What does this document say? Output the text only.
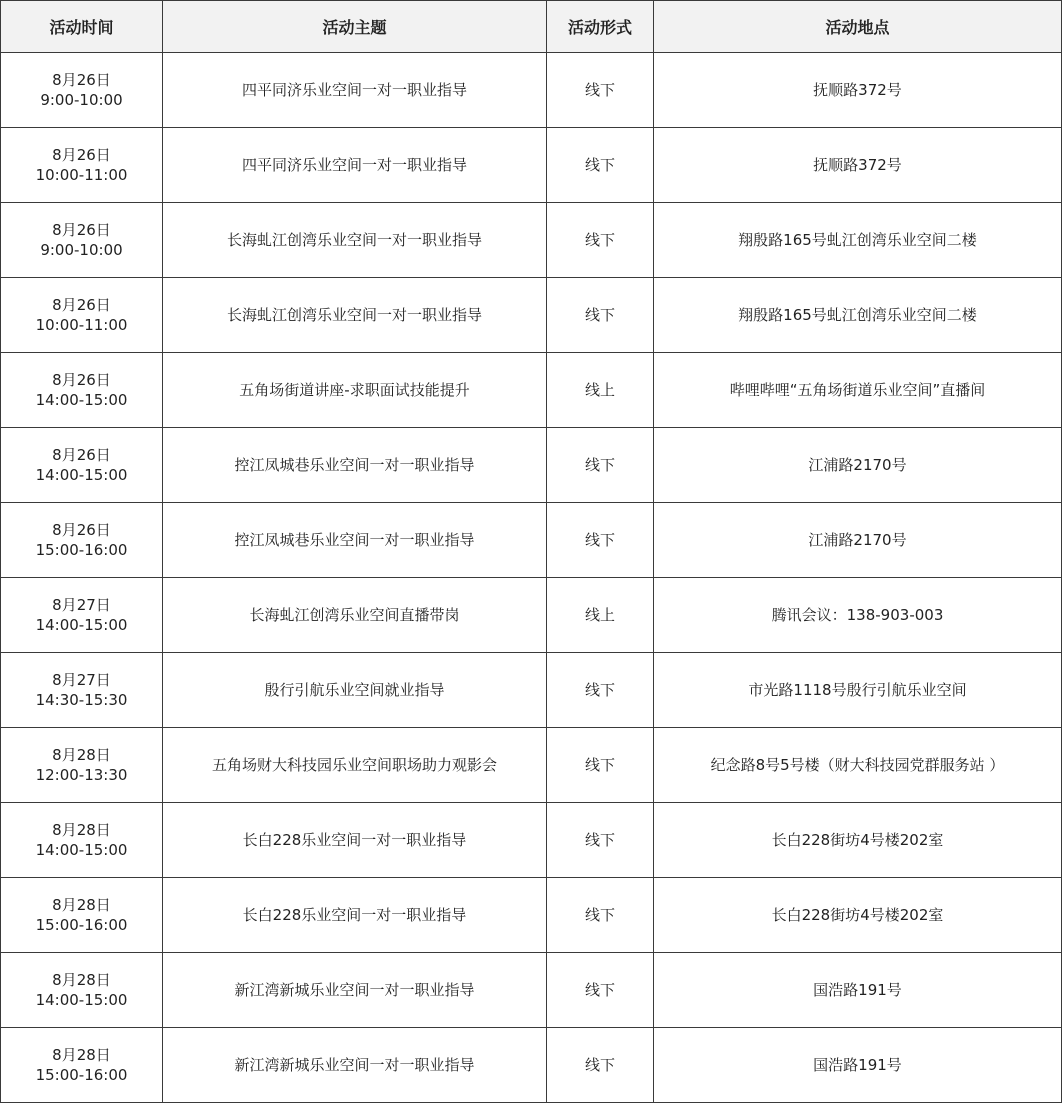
活动时间	活动主题	活动形式	活动地点

8月26日
9:00-10:00	四平同济乐业空间一对一职业指导	线下	抚顺路372号

8月26日
10:00-11:00	四平同济乐业空间一对一职业指导	线下	抚顺路372号

8月26日
9:00-10:00	长海虬江创湾乐业空间一对一职业指导	线下	翔殷路165号虬江创湾乐业空间二楼

8月26日
10:00-11:00	长海虬江创湾乐业空间一对一职业指导	线下	翔殷路165号虬江创湾乐业空间二楼

8月26日
14:00-15:00	五角场街道讲座-求职面试技能提升	线上	哔哩哔哩“五角场街道乐业空间”直播间

8月26日
14:00-15:00	控江凤城巷乐业空间一对一职业指导	线下	江浦路2170号

8月26日
15:00-16:00	控江凤城巷乐业空间一对一职业指导	线下	江浦路2170号

8月27日
14:00-15:00	长海虬江创湾乐业空间直播带岗	线上	腾讯会议：138-903-003

8月27日
14:30-15:30	殷行引航乐业空间就业指导	线下	市光路1118号殷行引航乐业空间

8月28日
12:00-13:30	五角场财大科技园乐业空间职场助力观影会	线下	纪念路8号5号楼（财大科技园党群服务站 ）

8月28日
14:00-15:00	长白228乐业空间一对一职业指导	线下	长白228街坊4号楼202室

8月28日
15:00-16:00	长白228乐业空间一对一职业指导	线下	长白228街坊4号楼202室

8月28日
14:00-15:00	新江湾新城乐业空间一对一职业指导	线下	国浩路191号

8月28日
15:00-16:00	新江湾新城乐业空间一对一职业指导	线下	国浩路191号
